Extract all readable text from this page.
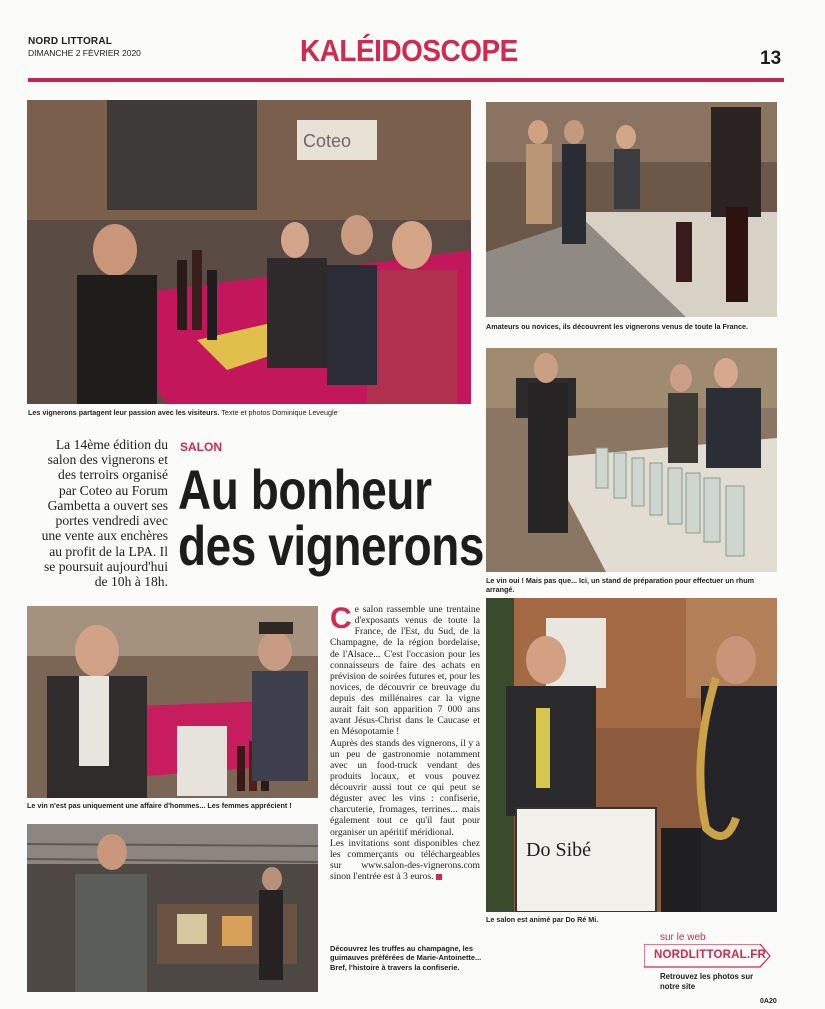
NORD LITTORAL
DIMANCHE 2 FÉVRIER 2020	KALÉIDOSCOPE	13
Coteo
Les vignerons partagent leur passion avec les visiteurs. Texte et photos Dominique Leveugle
Amateurs ou novices, ils découvrent les vignerons venus de toute la France.
Le vin oui ! Mais pas que... Ici, un stand de préparation pour effectuer un rhum arrangé.
La 14ème édition du salon des vignerons et des terroirs organisé par Coteo au Forum Gambetta a ouvert ses portes vendredi avec une vente aux enchères au profit de la LPA. Il se poursuit aujourd'hui de 10h à 18h.
SALON
Au bonheur
des vignerons
Le vin n'est pas uniquement une affaire d'hommes... Les femmes apprécient !

Ce salon rassemble une trentaine d'exposants venus de toute la France, de l'Est, du Sud, de la Champagne, de la région bordelaise, de l'Alsace... C'est l'occasion pour les connaisseurs de faire des achats en prévision de soirées futures et, pour les novices, de découvrir ce breuvage du depuis des millénaires car la vigne aurait fait son apparition 7 000 ans avant Jésus-Christ dans le Caucase et en Mésopotamie !

Auprès des stands des vignerons, il y a un peu de gastronomie notamment avec un food-truck vendant des produits locaux, et vous pouvez découvrir aussi tout ce qui peut se déguster avec les vins : confiserie, charcuterie, fromages, terrines... mais également tout ce qu'il faut pour organiser un apéritif méridional.

Les invitations sont disponibles chez les commerçants ou téléchargeables sur www.salon-des-vignerons.com sinon l'entrée est à 3 euros.

Découvrez les truffes au champagne, les guimauves préférées de Marie-Antoinette... Bref, l'histoire à travers la confiserie.
Do Sibé
Le salon est animé par Do Ré Mi.
sur le web
NORDLITTORAL.FR
Retrouvez les photos sur notre site
0A20
